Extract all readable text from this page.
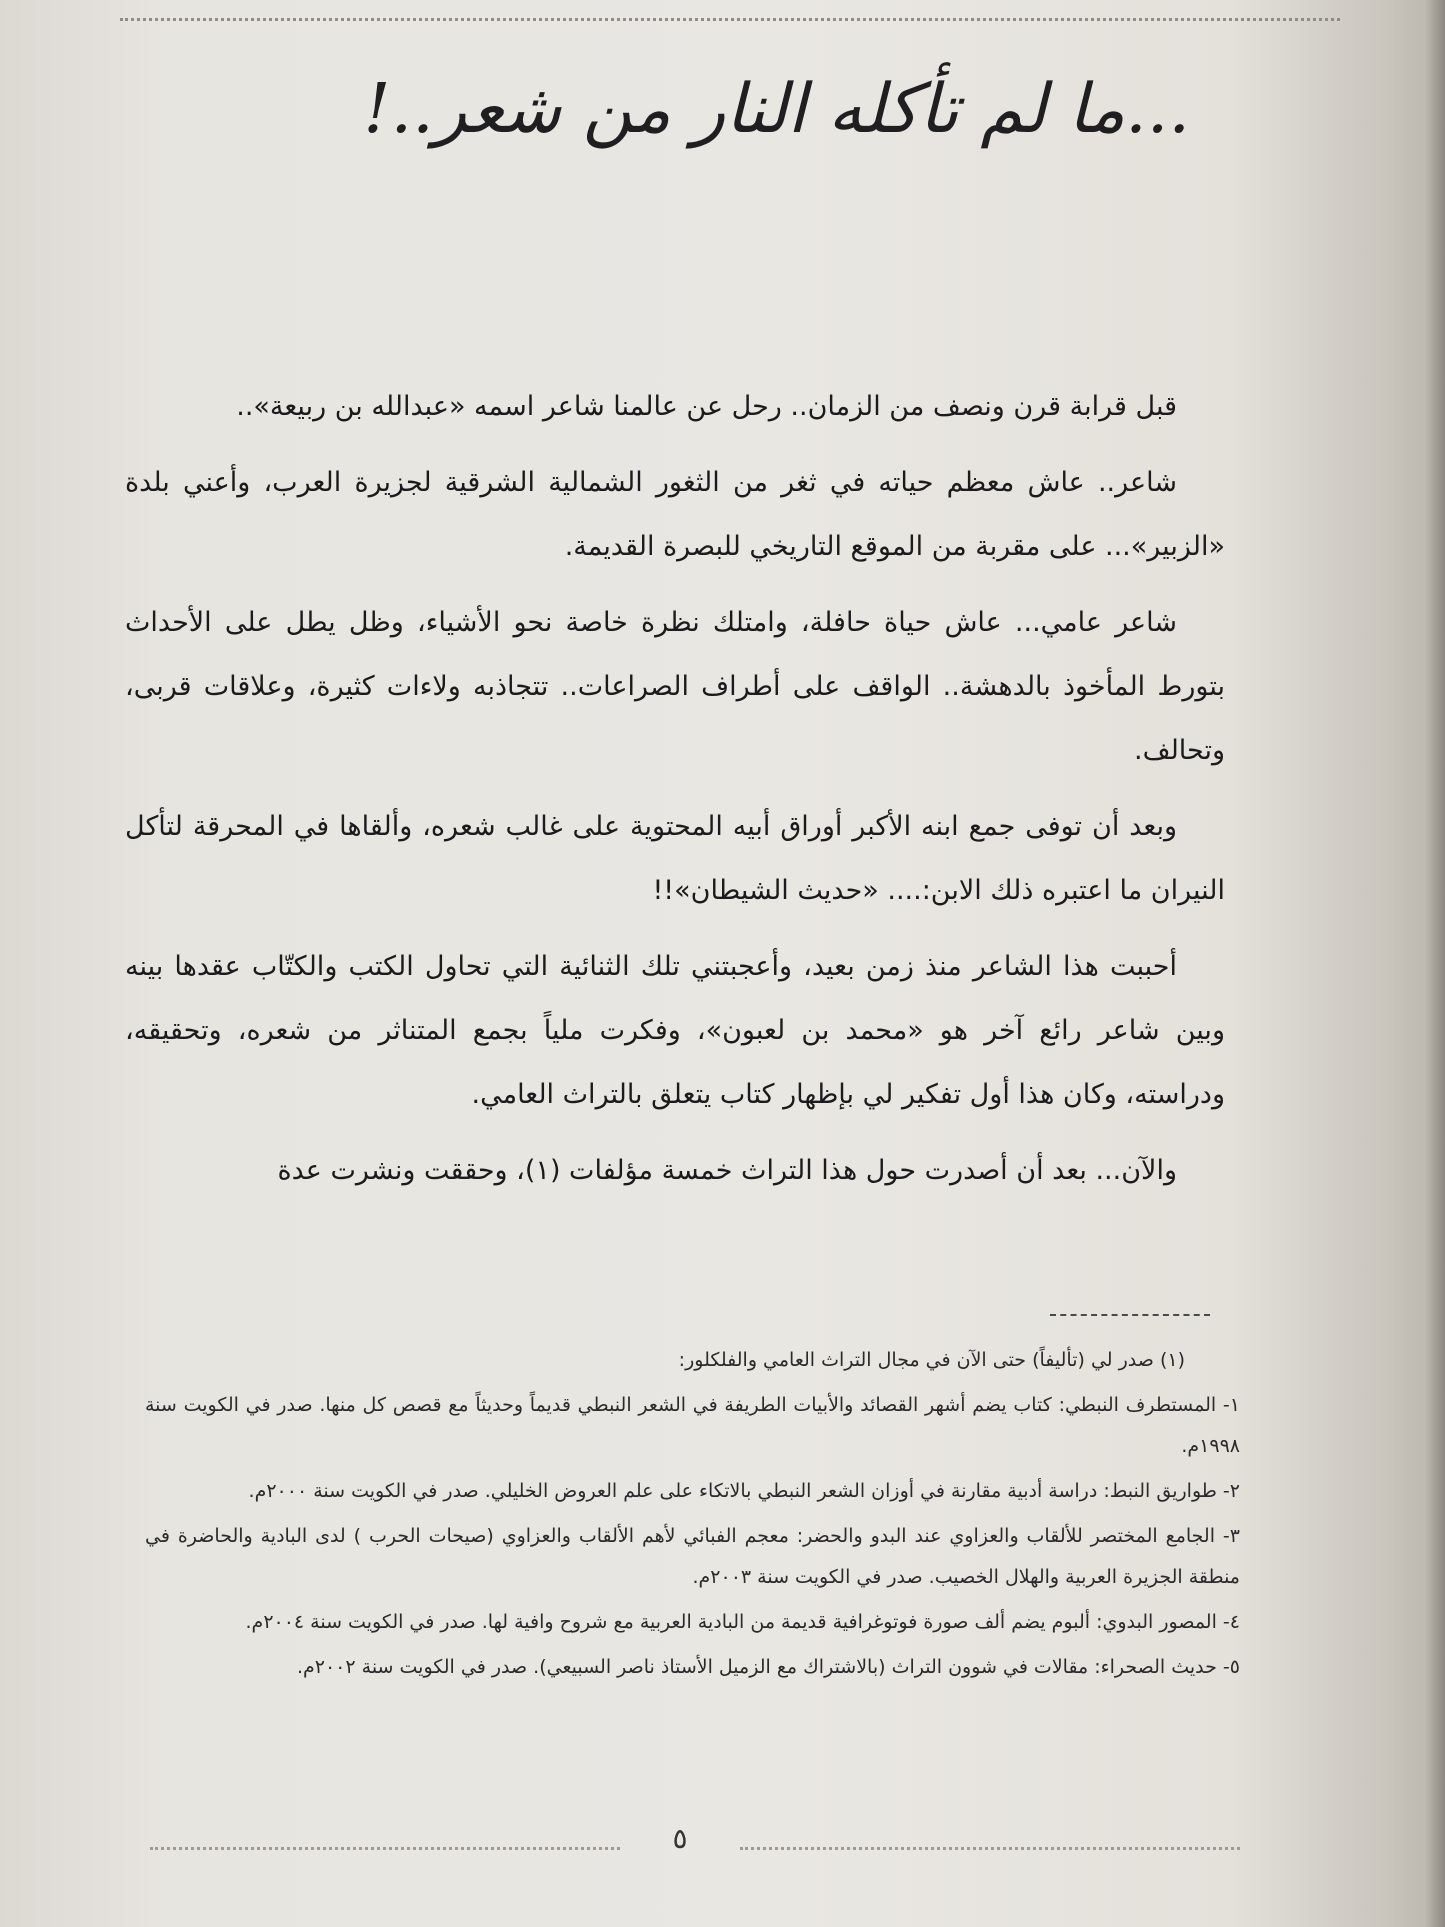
...ما لم تأكله النار من شعر..!

قبل قرابة قرن ونصف من الزمان.. رحل عن عالمنا شاعر اسمه «عبدالله بن ربيعة»..

شاعر.. عاش معظم حياته في ثغر من الثغور الشمالية الشرقية لجزيرة العرب، وأعني بلدة «الزبير»... على مقربة من الموقع التاريخي للبصرة القديمة.

شاعر عامي... عاش حياة حافلة، وامتلك نظرة خاصة نحو الأشياء، وظل يطل على الأحداث بتورط المأخوذ بالدهشة.. الواقف على أطراف الصراعات.. تتجاذبه ولاءات كثيرة، وعلاقات قربى، وتحالف.

وبعد أن توفى جمع ابنه الأكبر أوراق أبيه المحتوية على غالب شعره، وألقاها في المحرقة لتأكل النيران ما اعتبره ذلك الابن:.... «حديث الشيطان»!!

أحببت هذا الشاعر منذ زمن بعيد، وأعجبتني تلك الثنائية التي تحاول الكتب والكتّاب عقدها بينه وبين شاعر رائع آخر هو «محمد بن لعبون»، وفكرت ملياً بجمع المتناثر من شعره، وتحقيقه، ودراسته، وكان هذا أول تفكير لي بإظهار كتاب يتعلق بالتراث العامي.

والآن... بعد أن أصدرت حول هذا التراث خمسة مؤلفات (١)، وحققت ونشرت عدة

(١) صدر لي (تأليفاً) حتى الآن في مجال التراث العامي والفلكلور:

١- المستطرف النبطي: كتاب يضم أشهر القصائد والأبيات الطريفة في الشعر النبطي قديماً وحديثاً مع قصص كل منها. صدر في الكويت سنة ١٩٩٨م.

٢- طواريق النبط: دراسة أدبية مقارنة في أوزان الشعر النبطي بالاتكاء على علم العروض الخليلي. صدر في الكويت سنة ٢٠٠٠م.

٣- الجامع المختصر للألقاب والعزاوي عند البدو والحضر: معجم الفبائي لأهم الألقاب والعزاوي (صيحات الحرب ) لدى البادية والحاضرة في منطقة الجزيرة العربية والهلال الخصيب. صدر في الكويت سنة ٢٠٠٣م.

٤- المصور البدوي: ألبوم يضم ألف صورة فوتوغرافية قديمة من البادية العربية مع شروح وافية لها. صدر في الكويت سنة ٢٠٠٤م.

٥- حديث الصحراء: مقالات في شوون التراث (بالاشتراك مع الزميل الأستاذ ناصر السبيعي). صدر في الكويت سنة ٢٠٠٢م.

٥
